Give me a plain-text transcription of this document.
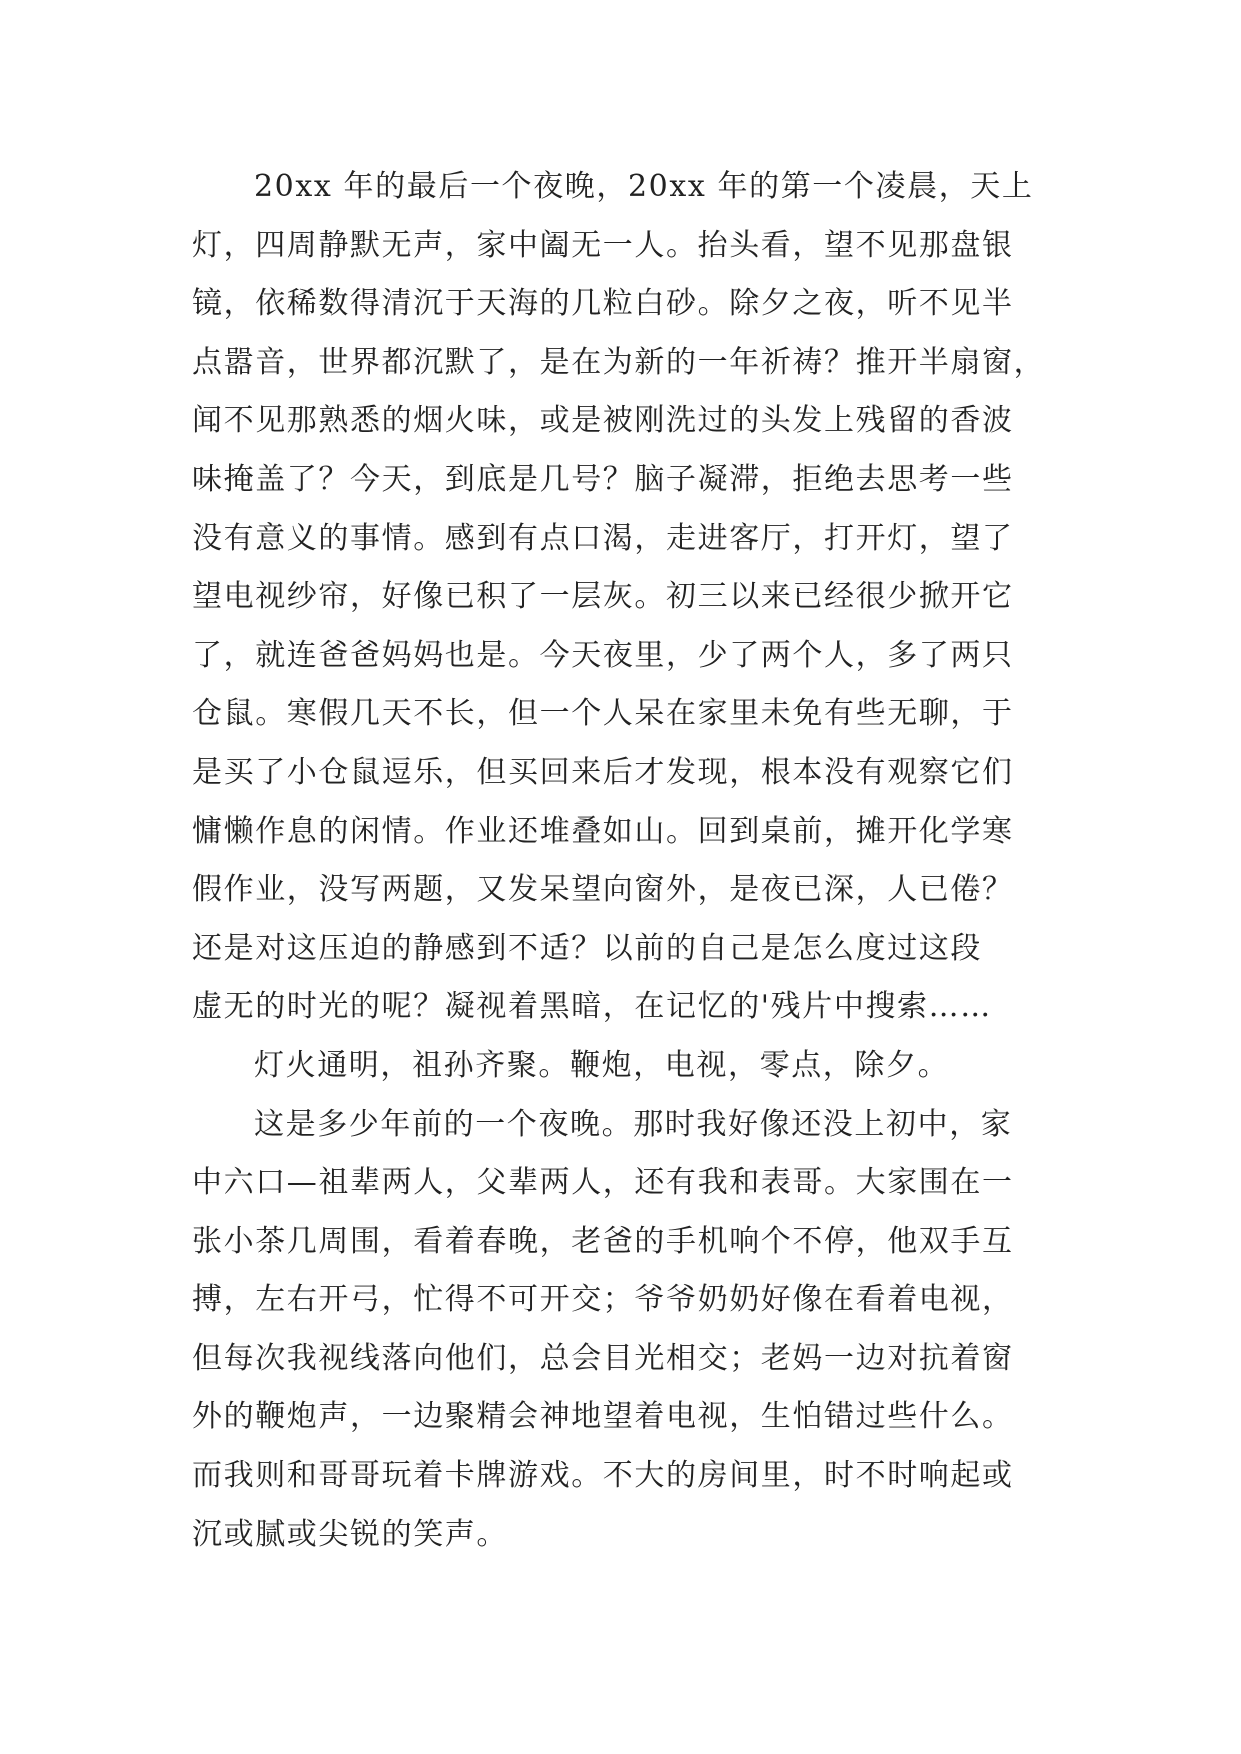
20xx 年的最后一个夜晚，20xx 年的第一个凌晨，天上
灯，四周静默无声，家中阖无一人。抬头看，望不见那盘银
镜，依稀数得清沉于天海的几粒白砂。除夕之夜，听不见半
点嚣音，世界都沉默了，是在为新的一年祈祷？推开半扇窗，
闻不见那熟悉的烟火味，或是被刚洗过的头发上残留的香波
味掩盖了？今天，到底是几号？脑子凝滞，拒绝去思考一些
没有意义的事情。感到有点口渴，走进客厅，打开灯，望了
望电视纱帘，好像已积了一层灰。初三以来已经很少掀开它
了，就连爸爸妈妈也是。今天夜里，少了两个人，多了两只
仓鼠。寒假几天不长，但一个人呆在家里未免有些无聊，于
是买了小仓鼠逗乐，但买回来后才发现，根本没有观察它们
慵懒作息的闲情。作业还堆叠如山。回到桌前，摊开化学寒
假作业，没写两题，又发呆望向窗外，是夜已深，人已倦？
还是对这压迫的静感到不适？以前的自己是怎么度过这段
虚无的时光的呢？凝视着黑暗，在记忆的'残片中搜索……
灯火通明，祖孙齐聚。鞭炮，电视，零点，除夕。
这是多少年前的一个夜晚。那时我好像还没上初中，家
中六口—祖辈两人，父辈两人，还有我和表哥。大家围在一
张小茶几周围，看着春晚，老爸的手机响个不停，他双手互
搏，左右开弓，忙得不可开交；爷爷奶奶好像在看着电视，
但每次我视线落向他们，总会目光相交；老妈一边对抗着窗
外的鞭炮声，一边聚精会神地望着电视，生怕错过些什么。
而我则和哥哥玩着卡牌游戏。不大的房间里，时不时响起或
沉或腻或尖锐的笑声。
